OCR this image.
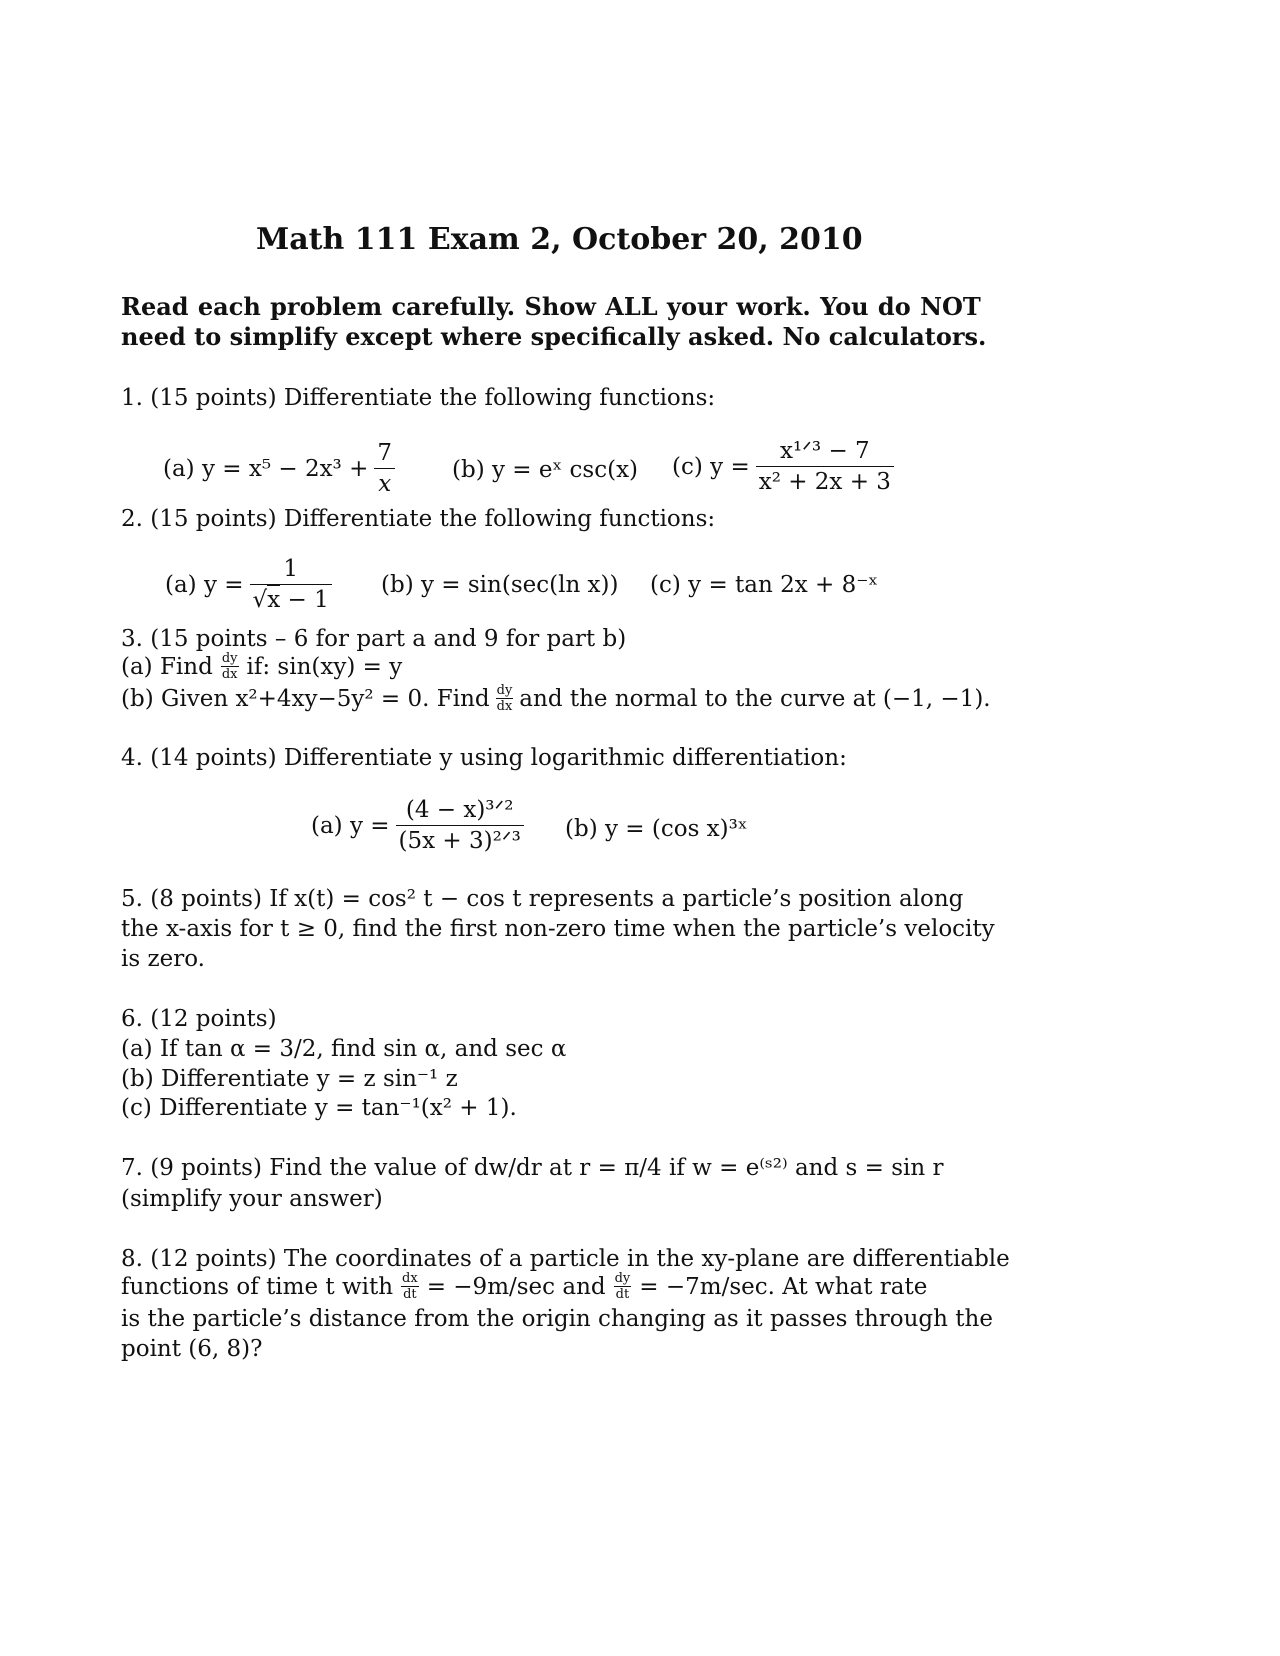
Math 111 Exam 2, October 20, 2010
Read each problem carefully. Show ALL your work. You do NOT
need to simplify except where specifically asked. No calculators.
1. (15 points) Differentiate the following functions:
(a) $y = x^5 - 2x^3 + \frac{7}{x} (b) y$ = eˣ csc(x) (c) $y = \frac{\text{x¹ᐟ³ − 7}}{\text{x² + 2x + 3}}$
2. (15 points) Differentiate the following functions:
(a) $y = \frac{1}{√x - 1} (b) y = \sin(\sec(\ln$ x)) (c) y = tan 2x + 8⁻ˣ
3. (15 points – 6 for part a and 9 for part b)
(a) Find $\frac{dy}{dx}$ if: sin(xy) = y
(b) Given x²+4xy−5y² = 0. Find $\frac{dy}{dx}$ and the normal to the curve at (−1, −1).
4. (14 points) Differentiate y using logarithmic differentiation:
(a) $y = \frac{\text{(4 − x)³ᐟ²}}{\text{(5x + 3)²ᐟ³}} (b) y = (\cos$ x)³ˣ
5. (8 points) If x(t) = cos² t − cos t represents a particle’s position along
the x-axis for t ≥ 0, find the first non-zero time when the particle’s velocity
is zero.
6. (12 points)
(a) If tan α = 3/2, find sin α, and sec α
(b) Differentiate y = z sin⁻¹ z
(c) Differentiate y = tan⁻¹(x² + 1).
7. (9 points) Find the value of dw/dr at r = π/4 if w = e⁽ˢ²⁾ and s = sin r
(simplify your answer)
8. (12 points) The coordinates of a particle in the xy-plane are differentiable
functions of time t with $\frac{dx}{dt} = -9m/\sec$ and $\frac{dy}{dt} = -7m/\sec$. At what rate
is the particle’s distance from the origin changing as it passes through the
point (6, 8)?
